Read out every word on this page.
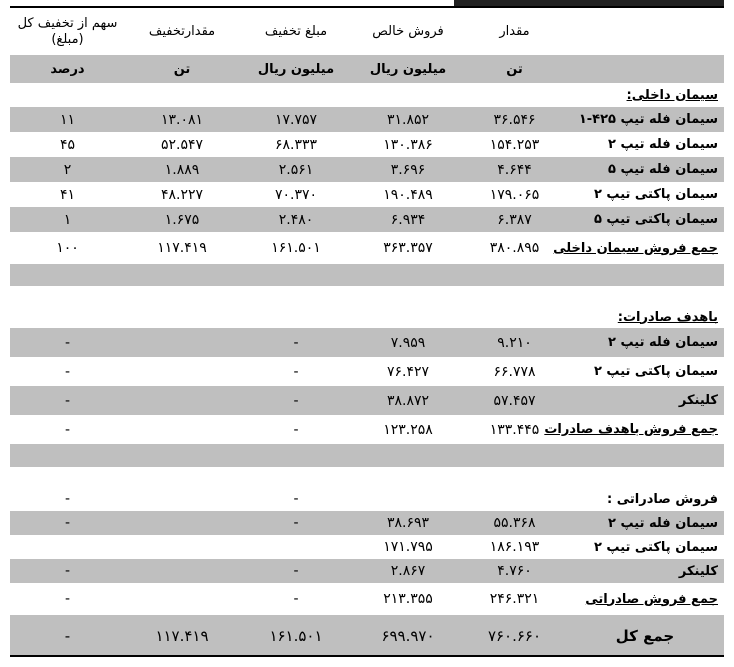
	مقدار	فروش خالص	مبلغ تخفیف	مقدارتخفیف	سهم از تخفیف کل (مبلغ)
	تن	میلیون ریال	میلیون ریال	تن	درصد
سیمان داخلی:					
سیمان فله تیپ ۴۲۵-۱	۳۶.۵۴۶	۳۱.۸۵۲	۱۷.۷۵۷	۱۳.۰۸۱	۱۱
سیمان فله تیپ ۲	۱۵۴.۲۵۳	۱۳۰.۳۸۶	۶۸.۳۳۳	۵۲.۵۴۷	۴۵
سیمان فله تیپ ۵	۴.۶۴۴	۳.۶۹۶	۲.۵۶۱	۱.۸۸۹	۲
سیمان پاکتی تیپ ۲	۱۷۹.۰۶۵	۱۹۰.۴۸۹	۷۰.۳۷۰	۴۸.۲۲۷	۴۱
سیمان پاکتی تیپ ۵	۶.۳۸۷	۶.۹۳۴	۲.۴۸۰	۱.۶۷۵	۱
جمع فروش سیمان داخلی	۳۸۰.۸۹۵	۳۶۳.۳۵۷	۱۶۱.۵۰۱	۱۱۷.۴۱۹	۱۰۰

باهدف صادرات:					
سیمان فله تیپ ۲	۹.۲۱۰	۷.۹۵۹	-		-
سیمان پاکتی تیپ ۲	۶۶.۷۷۸	۷۶.۴۲۷	-		-
کلینکر	۵۷.۴۵۷	۳۸.۸۷۲	-		-
جمع فروش باهدف صادرات	۱۳۳.۴۴۵	۱۲۳.۲۵۸	-		-

فروش صادراتی :			-		-
سیمان فله تیپ ۲	۵۵.۳۶۸	۳۸.۶۹۳	-		-
سیمان پاکتی تیپ ۲	۱۸۶.۱۹۳	۱۷۱.۷۹۵			
کلینکر	۴.۷۶۰	۲.۸۶۷	-		-
جمع فروش صادراتی	۲۴۶.۳۲۱	۲۱۳.۳۵۵	-		-
جمع کل	۷۶۰.۶۶۰	۶۹۹.۹۷۰	۱۶۱.۵۰۱	۱۱۷.۴۱۹	-
